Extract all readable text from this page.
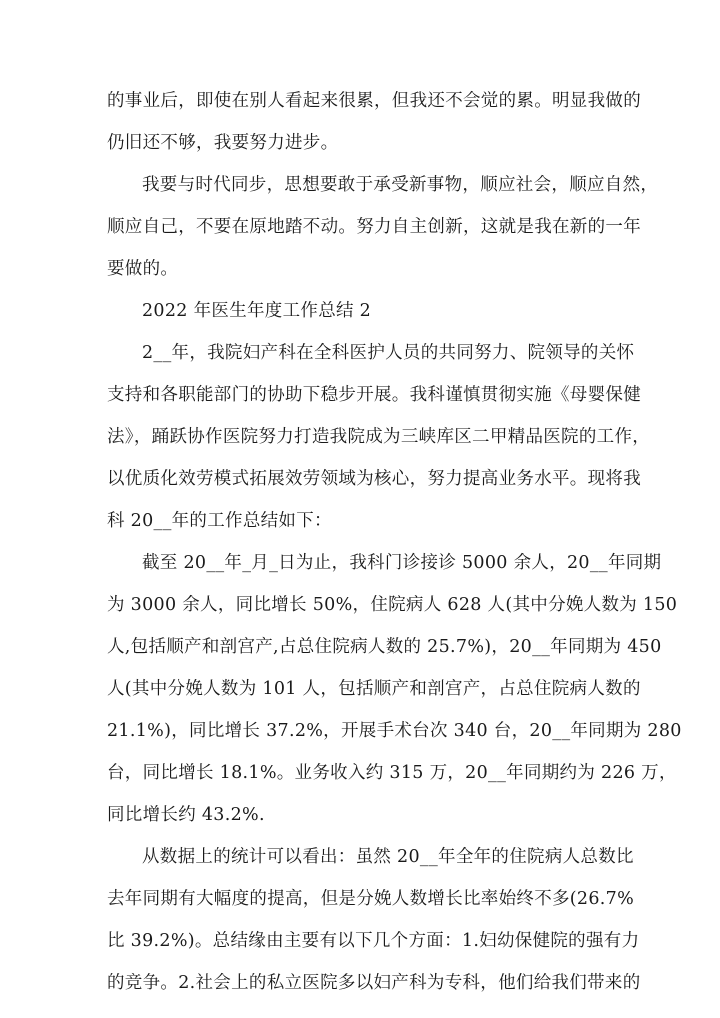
的事业后，即使在别人看起来很累，但我还不会觉的累。明显我做的
仍旧还不够，我要努力进步。
我要与时代同步，思想要敢于承受新事物，顺应社会，顺应自然，
顺应自己，不要在原地踏不动。努力自主创新，这就是我在新的一年
要做的。
2022 年医生年度工作总结 2
2__年，我院妇产科在全科医护人员的共同努力、院领导的关怀
支持和各职能部门的协助下稳步开展。我科谨慎贯彻实施《母婴保健
法》，踊跃协作医院努力打造我院成为三峡库区二甲精品医院的工作，
以优质化效劳模式拓展效劳领域为核心，努力提高业务水平。现将我
科 20__年的工作总结如下：
截至 20__年_月_日为止，我科门诊接诊 5000 余人，20__年同期
为 3000 余人，同比增长 50%，住院病人 628 人(其中分娩人数为 150
人,包括顺产和剖宫产,占总住院病人数的 25.7%)，20__年同期为 450
人(其中分娩人数为 101 人，包括顺产和剖宫产，占总住院病人数的
21.1%)，同比增长 37.2%，开展手术台次 340 台，20__年同期为 280
台，同比增长 18.1%。业务收入约 315 万，20__年同期约为 226 万，
同比增长约 43.2%.
从数据上的统计可以看出：虽然 20__年全年的住院病人总数比
去年同期有大幅度的提高，但是分娩人数增长比率始终不多(26.7%
比 39.2%)。总结缘由主要有以下几个方面：1.妇幼保健院的强有力
的竞争。2.社会上的私立医院多以妇产科为专科，他们给我们带来的
